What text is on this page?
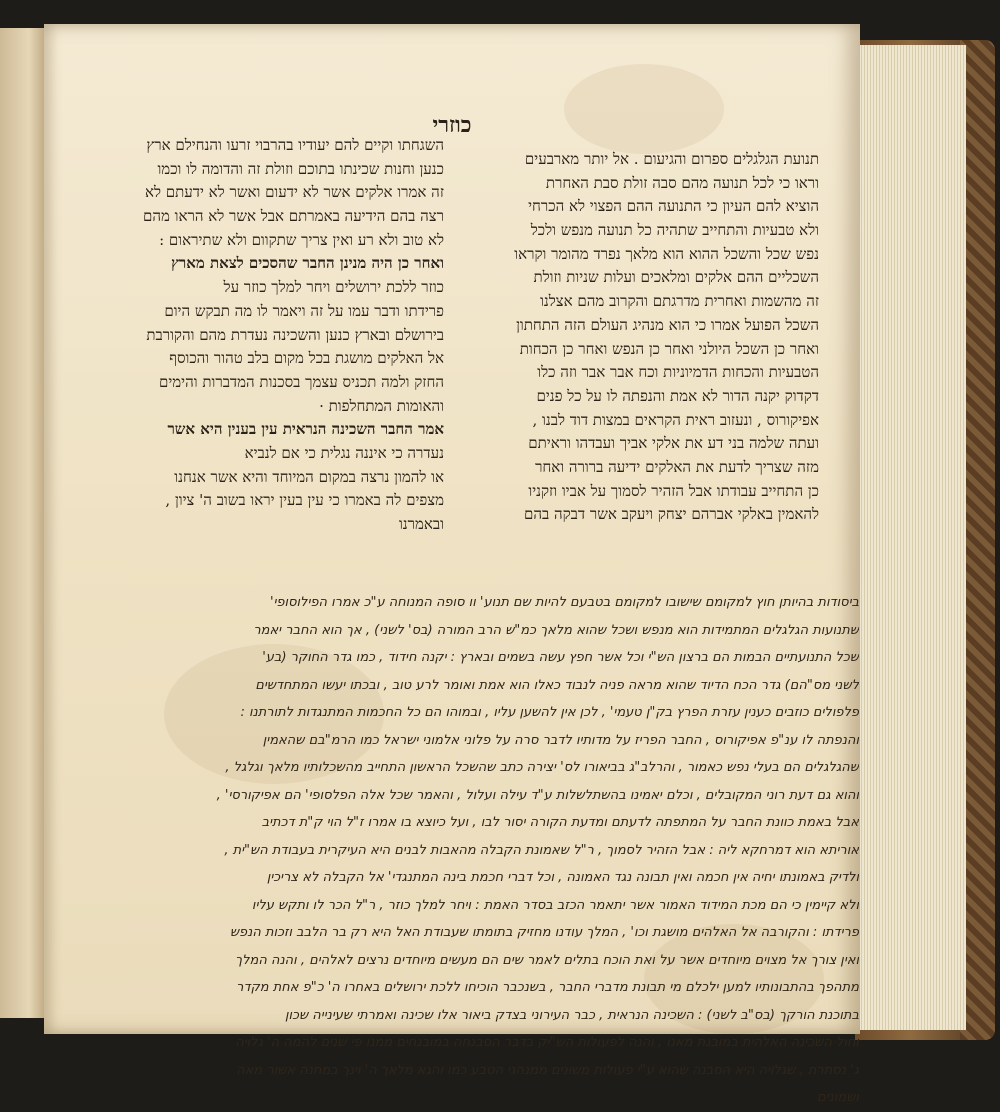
כוזרי
תנועת הגלגלים ספרום והגיעום . אל יותר מארבעים
וראו כי לכל תנועה מהם סבה זולת סבת האחרת
הוציא להם העיון כי התנועה ההם הפצוי לא הכרחי
ולא טבעיות והתחייב שתהיה כל תנועה מנפש ולכל
נפש שכל והשכל ההוא הוא מלאך נפרד מהומר וקראו
השכליים ההם אלקים ומלאכים ועלות שניות וזולת
זה מהשמות ואחרית מדרגתם והקרוב מהם אצלנו
השכל הפועל אמרו כי הוא מנהיג העולם הזה התחתון
ואחר כן השכל היולני ואחר כן הנפש ואחר כן הכחות
הטבעיות והכחות הדמיוניות וכח אבר אבר וזה כלו
דקדוק יקנה הדור לא אמת והנפתה לו על כל פנים
אפיקורוס , ונעזוב ראית הקראים במצות דוד לבנו ,
ועתה שלמה בני דע את אלקי אביך ועבדהו וראיתם
מזה שצריך לדעת את האלקים ידיעה ברורה ואחר
כן התחייב עבודתו אבל הזהיר לסמוך על אביו וזקניו
להאמין באלקי אברהם יצחק ויעקב אשר דבקה בהם
השגחתו וקיים להם יעודיו בהרבוי זרעו והנחילם ארץ
כנען וחנות שכינתו בתוכם וזולת זה והדומה לו וכמו
זה אמרו אלקים אשר לא ידעום ואשר לא ידעתם לא
רצה בהם הידיעה באמרתם אבל אשר לא הראו מהם
לא טוב ולא רע ואין צריך שתקוום ולא שתיראום :
ואחר כן היה מנינן החבר שהסכים לצאת מארץ
כוזר ללכת ירושלים ויחר למלך כוזר על
פרידתו ודבר עמו על זה ויאמר לו מה תבקש היום
בירושלם ובארץ כנען והשכינה נעדרת מהם והקורבת
אל האלקים מושגת בכל מקום בלב טהור והכוסף
החזק ולמה תכניס עצמך בסכנות המדברות והימים
והאומות המתחלפות ·
אמר החבר השכינה הנראית עין בענין היא אשר
נעדרה כי איננה נגלית כי אם לנביא
או להמון נרצה במקום המיוחד והיא אשר אנחנו
מצפים לה באמרו כי עין בעין יראו בשוב ה' ציון ,
ובאמרנו
ביסודות בהיותן חוץ למקומם שישובו למקומם בטבעם להיות שם תנוע' וו סופה המנוחה ע"כ אמרו הפילוסופי'
שתנועות הגלגלים המתמידות הוא מנפש ושכל שהוא מלאך כמ"ש הרב המורה (בס' לשני) , אך הוא החבר יאמר
שכל התנועתיים הבמות הם ברצון הש"י וכל אשר חפץ עשה בשמים ובארץ : יקנה חידוד , כמו גדר החוקר (בע'
לשני מס"הם) גדר הכח הדיוד שהוא מראה פניה לנבוד כאלו הוא אמת ואומר לרע טוב , ובכתו יעשו המתחדשים
פלפולים כוזבים כענין עזרת הפרץ בק"ן טעמי' , לכן אין להשען עליו , ובמוהו הם כל החכמות המתנגדות לתורתנו :
והנפתה לו ענ"פ אפיקורוס , החבר הפריז על מדותיו לדבר סרה על פלוני אלמוני ישראל כמו הרמ"בם שהאמין
שהגלגלים הם בעלי נפש כאמור , והרלב"ג בביאורו לס' יצירה כתב שהשכל הראשון התחייב מהשכלותיו מלאך וגלגל ,
והוא גם דעת רוני המקובלים , וכלם יאמינו בהשתלשלות ע"ד עילה ועלול , והאמר שכל אלה הפלסופי' הם אפיקורסי' ,
אבל באמת כוונת החבר על המתפתה לדעתם ומדעת הקורה יסור לבו , ועל כיוצא בו אמרו ז"ל הוי ק"ת דכתיב
אוריתא הוא דמרחקא ליה : אבל הזהיר לסמוך , ר"ל שאמונת הקבלה מהאבות לבנים היא העיקרית בעבודת הש"ית ,
ולדיק באמונתו יחיה אין חכמה ואין תבונה נגד האמונה , וכל דברי חכמת בינה המתנגדי' אל הקבלה לא צריכין
ולא קיימין כי הם מכת המידוד האמור אשר יתאמר הכזב בסדר האמת : ויחר למלך כוזר , ר"ל הכר לו ותקש עליו
פרידתו : והקורבה אל האלהים מושגת וכו' , המלך עודנו מחזיק בתומתו שעבודת האל היא רק בר הלבב וזכות הנפש
ואין צורך אל מצוים מיוחדים אשר על ואת הוכח בתלים לאמר שים הם מעשים מיוחדים נרצים לאלהים , והנה המלך
מתהפך בהתבונותיו למען ילכלם מי תבונת מדברי החבר , בשנכבר הוכיחו ללכת ירושלים באחרו ה' כ"פ אחת מקדר
בתוכנת הורקך (בס"ב לשני) : השכינה הנראית , כבר העירוני בצדק ביאור אלו שכינה ואמרתי שעינייה שכון
וחול השכינה האלהית במובנת מאנו , והנה לפעולות הש"יק בדבר הסבנחה במובנחים ממנו פי שנים להמה ה' גלויה
ג' נסתרת , שגלויה היא הסבנה שהוא ע"י פעולות משונים ממנהגי הטבע כמו והגא מלאך ה' וינך במחנה אשור מאה
ושמונים
